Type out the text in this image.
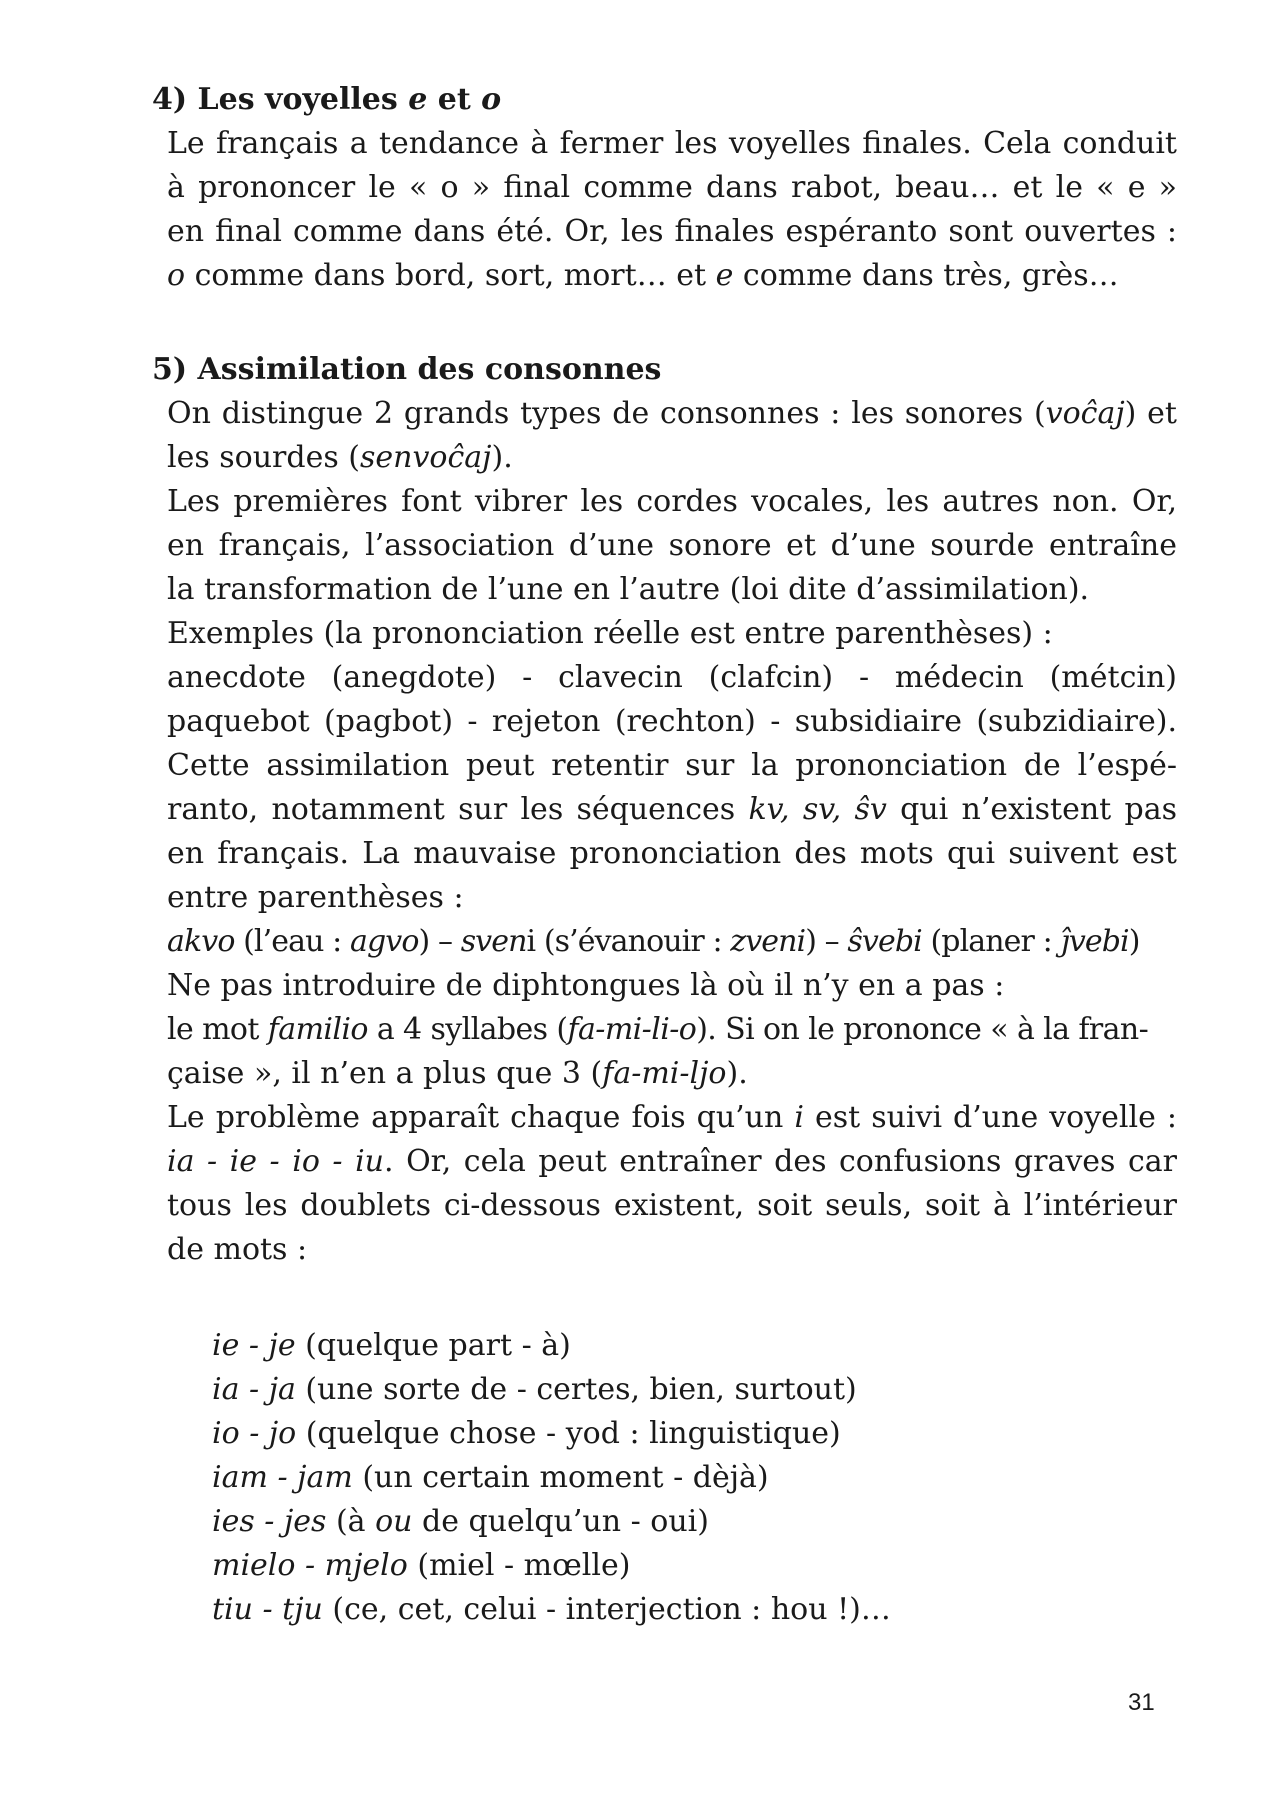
4) Les voyelles e et o
Le français a tendance à fermer les voyelles finales. Cela conduit
à prononcer le « o » final comme dans rabot, beau… et le « e »
en final comme dans été. Or, les finales espéranto sont ouvertes :
o comme dans bord, sort, mort… et e comme dans très, grès…
5) Assimilation des consonnes
On distingue 2 grands types de consonnes : les sonores (voĉaj) et
les sourdes (senvoĉaj).
Les premières font vibrer les cordes vocales, les autres non. Or,
en français, l’association d’une sonore et d’une sourde entraîne
la transformation de l’une en l’autre (loi dite d’assimilation).
Exemples (la prononciation réelle est entre parenthèses) :
anecdote (anegdote) - clavecin (clafcin) - médecin (métcin)
paquebot (pagbot) - rejeton (rechton) - subsidiaire (subzidiaire).
Cette assimilation peut retentir sur la prononciation de l’espé-
ranto, notamment sur les séquences kv, sv, ŝv qui n’existent pas
en français. La mauvaise prononciation des mots qui suivent est
entre parenthèses :
akvo (l’eau : agvo) – sveni (s’évanouir : zveni) – ŝvebi (planer : ĵvebi)
Ne pas introduire de diphtongues là où il n’y en a pas :
le mot familio a 4 syllabes (fa-mi-li-o). Si on le prononce « à la fran-
çaise », il n’en a plus que 3 (fa-mi-ljo).
Le problème apparaît chaque fois qu’un i est suivi d’une voyelle :
ia - ie - io - iu. Or, cela peut entraîner des confusions graves car
tous les doublets ci-dessous existent, soit seuls, soit à l’intérieur
de mots :
ie - je (quelque part - à)
ia - ja (une sorte de - certes, bien, surtout)
io - jo (quelque chose - yod : linguistique)
iam - jam (un certain moment - dèjà)
ies - jes (à ou de quelqu’un - oui)
mielo - mjelo (miel - mœlle)
tiu - tju (ce, cet, celui - interjection : hou !)…
31
